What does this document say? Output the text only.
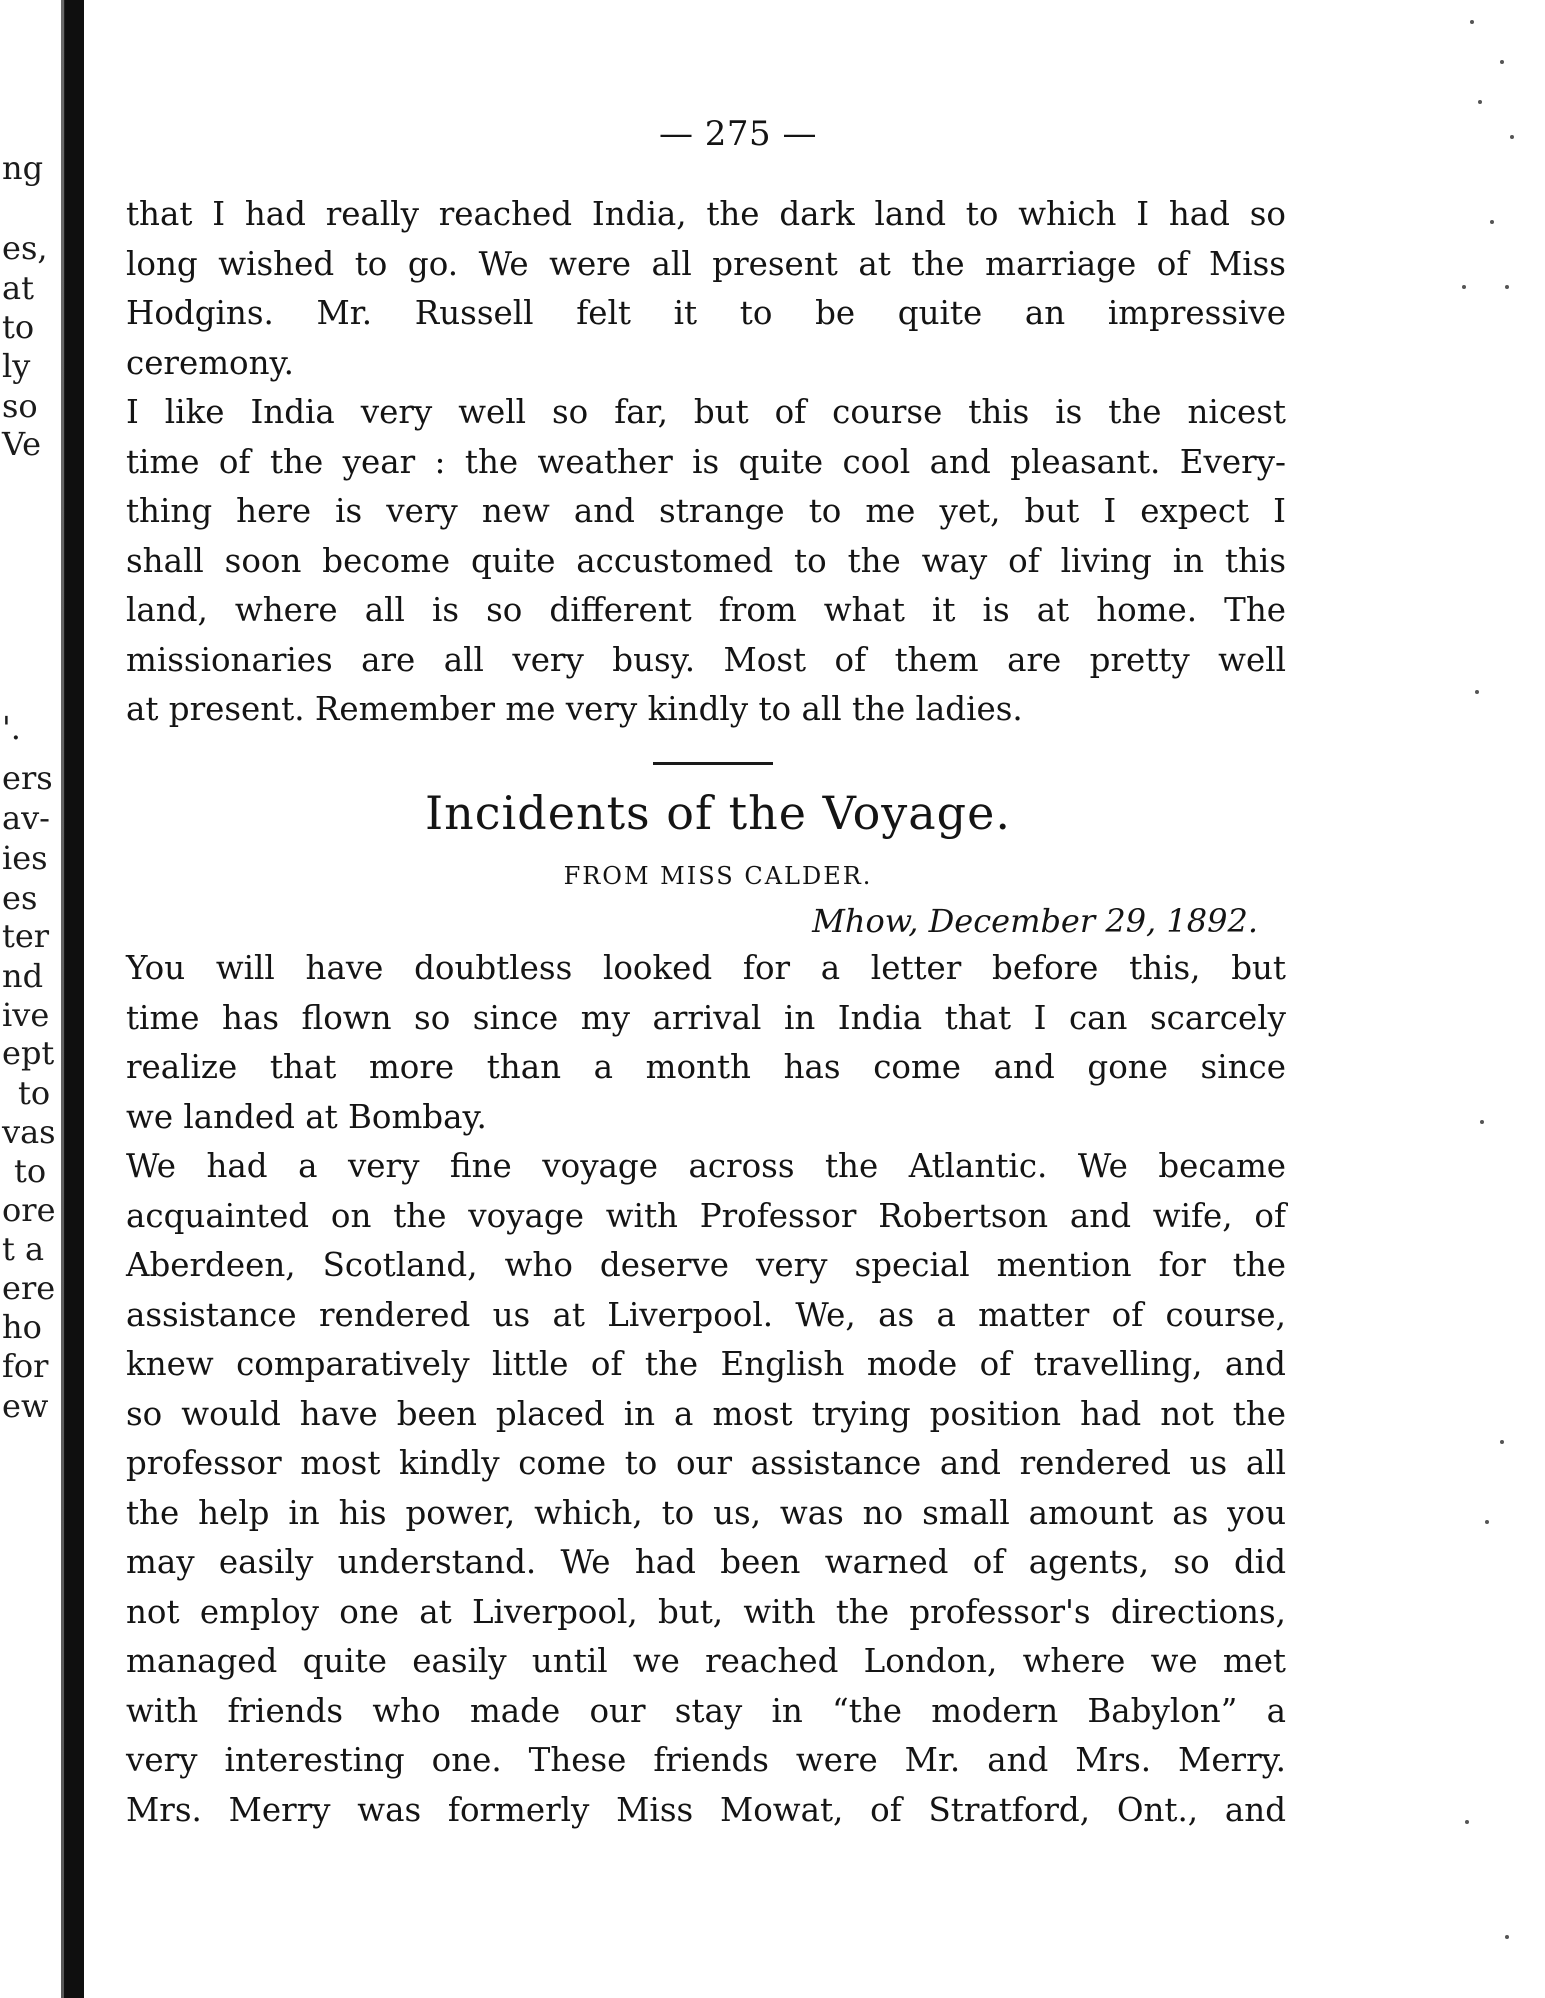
ng
es,
at
to
ly
so
Ve
'.
ers
av-
ies
es
ter
nd
ive
ept
to
vas
to
ore
t a
ere
ho
for
ew
— 275 —
that I had really reached India, the dark land to which I had so
long wished to go. We were all present at the marriage of Miss
Hodgins. Mr. Russell felt it to be quite an impressive
ceremony.
I like India very well so far, but of course this is the nicest
time of the year : the weather is quite cool and pleasant. Every-
thing here is very new and strange to me yet, but I expect I
shall soon become quite accustomed to the way of living in this
land, where all is so different from what it is at home. The
missionaries are all very busy. Most of them are pretty well
at present. Remember me very kindly to all the ladies.
Incidents of the Voyage.
FROM MISS CALDER.
Mhow, December 29, 1892.
You will have doubtless looked for a letter before this, but
time has flown so since my arrival in India that I can scarcely
realize that more than a month has come and gone since
we landed at Bombay.
We had a very fine voyage across the Atlantic. We became
acquainted on the voyage with Professor Robertson and wife, of
Aberdeen, Scotland, who deserve very special mention for the
assistance rendered us at Liverpool. We, as a matter of course,
knew comparatively little of the English mode of travelling, and
so would have been placed in a most trying position had not the
professor most kindly come to our assistance and rendered us all
the help in his power, which, to us, was no small amount as you
may easily understand. We had been warned of agents, so did
not employ one at Liverpool, but, with the professor's directions,
managed quite easily until we reached London, where we met
with friends who made our stay in “the modern Babylon” a
very interesting one. These friends were Mr. and Mrs. Merry.
Mrs. Merry was formerly Miss Mowat, of Stratford, Ont., and
